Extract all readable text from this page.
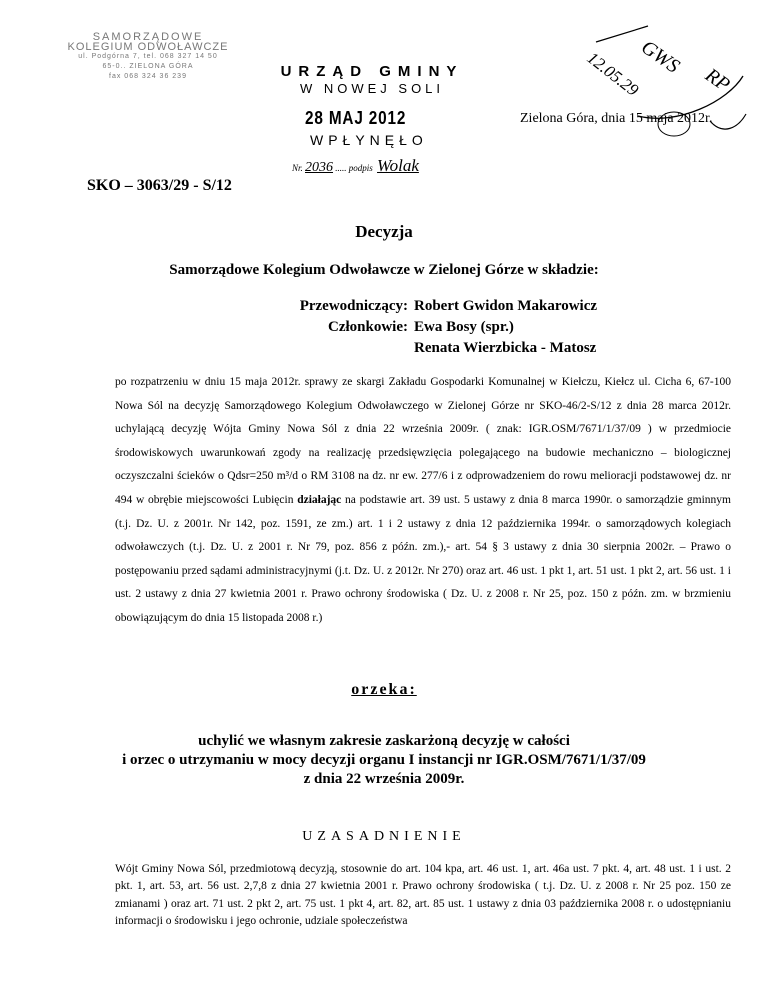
SAMORZĄDOWE
KOLEGIUM ODWOŁAWCZE
ul. Podgórna 7, tel. 068 327 14 50
65-0.. ZIELONA GÓRA
fax 068 324 36 239	URZĄD GMINY
W NOWEJ SOLI
28 MAJ 2012
WPŁYNĘŁO
Nr. 2036 ..... podpis Wolak
Zielona Góra, dnia 15 maja 2012r.
GWS
RP
12.05.29
SKO – 3063/29 - S/12
Decyzja
Samorządowe Kolegium Odwoławcze w Zielonej Górze w składzie:
Przewodniczący: Robert Gwidon Makarowicz
Członkowie: Ewa Bosy (spr.)
Renata Wierzbicka - Matosz
po rozpatrzeniu w dniu 15 maja 2012r. sprawy ze skargi Zakładu Gospodarki Komunalnej w Kiełczu, Kiełcz ul. Cicha 6, 67-100 Nowa Sól na decyzję Samorządowego Kolegium Odwoławczego w Zielonej Górze nr SKO-46/2-S/12 z dnia 28 marca 2012r. uchylającą decyzję Wójta Gminy Nowa Sól z dnia 22 września 2009r. ( znak: IGR.OSM/7671/1/37/09 ) w przedmiocie środowiskowych uwarunkowań zgody na realizację przedsięwzięcia polegającego na budowie mechaniczno – biologicznej oczyszczalni ścieków o Qdsr=250 m³/d o RM 3108 na dz. nr ew. 277/6 i z odprowadzeniem do rowu melioracji podstawowej dz. nr 494 w obrębie miejscowości Lubięcin działając na podstawie art. 39 ust. 5 ustawy z dnia 8 marca 1990r. o samorządzie gminnym (t.j. Dz. U. z 2001r. Nr 142, poz. 1591, ze zm.) art. 1 i 2 ustawy z dnia 12 października 1994r. o samorządowych kolegiach odwoławczych (t.j. Dz. U. z 2001 r. Nr 79, poz. 856 z późn. zm.),- art. 54 § 3 ustawy z dnia 30 sierpnia 2002r. – Prawo o postępowaniu przed sądami administracyjnymi (j.t. Dz. U. z 2012r. Nr 270) oraz art. 46 ust. 1 pkt 1, art. 51 ust. 1 pkt 2, art. 56 ust. 1 i ust. 2 ustawy z dnia 27 kwietnia 2001 r. Prawo ochrony środowiska ( Dz. U. z 2008 r. Nr 25, poz. 150 z późn. zm. w brzmieniu obowiązującym do dnia 15 listopada 2008 r.)
orzeka:
uchylić we własnym zakresie zaskarżoną decyzję w całości
i orzec o utrzymaniu w mocy decyzji organu I instancji nr IGR.OSM/7671/1/37/09
z dnia 22 września 2009r.
UZASADNIENIE
Wójt Gminy Nowa Sól, przedmiotową decyzją, stosownie do art. 104 kpa, art. 46 ust. 1, art. 46a ust. 7 pkt. 4, art. 48 ust. 1 i ust. 2 pkt. 1, art. 53, art. 56 ust. 2,7,8 z dnia 27 kwietnia 2001 r. Prawo ochrony środowiska ( t.j. Dz. U. z 2008 r. Nr 25 poz. 150 ze zmianami ) oraz art. 71 ust. 2 pkt 2, art. 75 ust. 1 pkt 4, art. 82, art. 85 ust. 1 ustawy z dnia 03 października 2008 r. o udostępnianiu informacji o środowisku i jego ochronie, udziale społeczeństwa
